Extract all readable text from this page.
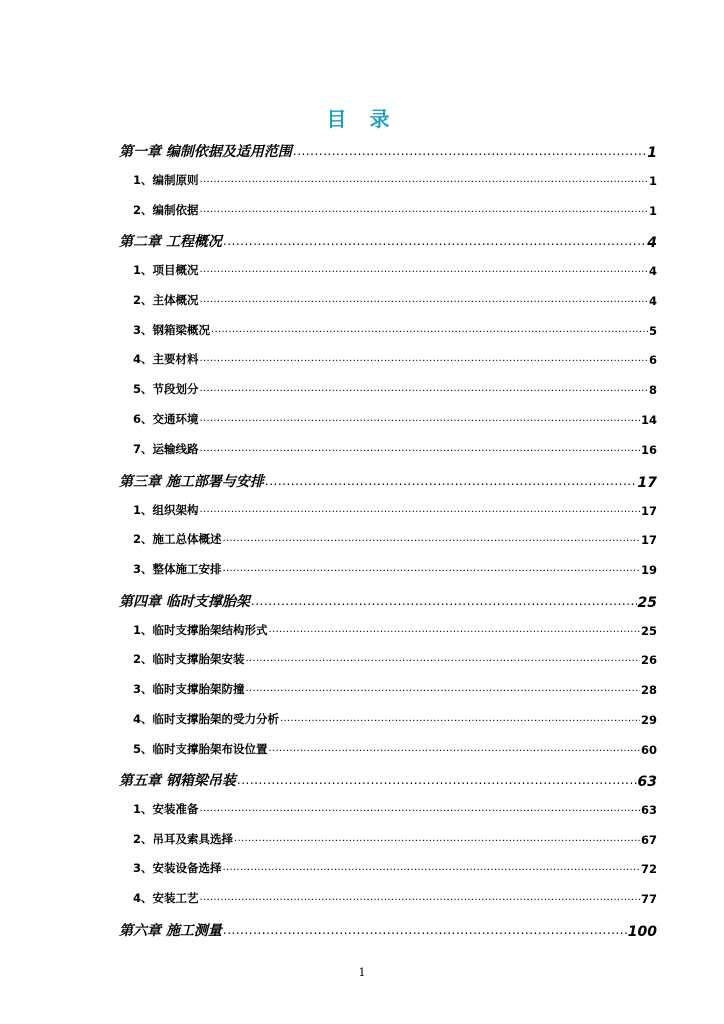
目 录
第一章 编制依据及适用范围 .....	1
1、编制原则 .....	1
2、编制依据 .....	1
第二章 工程概况 .....	4
1、项目概况 .....	4
2、主体概况 .....	4
3、钢箱梁概况 .....	5
4、主要材料 .....	6
5、节段划分 .....	8
6、交通环境 .....	14
7、运输线路 .....	16
第三章 施工部署与安排 .....	17
1、组织架构 .....	17
2、施工总体概述 .....	17
3、整体施工安排 .....	19
第四章 临时支撑胎架 .....	25
1、临时支撑胎架结构形式 .....	25
2、临时支撑胎架安装 .....	26
3、临时支撑胎架防撞 .....	28
4、临时支撑胎架的受力分析 .....	29
5、临时支撑胎架布设位置 .....	60
第五章 钢箱梁吊装 .....	63
1、安装准备 .....	63
2、吊耳及索具选择 .....	67
3、安装设备选择 .....	72
4、安装工艺 .....	77
第六章 施工测量 .....	100
1
